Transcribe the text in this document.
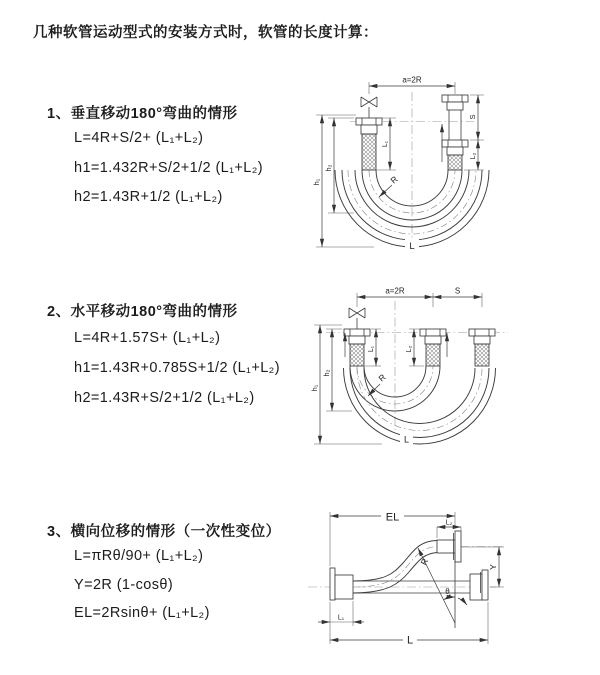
几种软管运动型式的安装方式时，软管的长度计算：
1、垂直移动180°弯曲的情形
L=4R+S/2+ (L₁+L₂)
h1=1.432R+S/2+1/2 (L₁+L₂)
h2=1.43R+1/2 (L₁+L₂)
2、水平移动180°弯曲的情形
L=4R+1.57S+ (L₁+L₂)
h1=1.43R+0.785S+1/2 (L₁+L₂)
h2=1.43R+S/2+1/2 (L₁+L₂)
3、横向位移的情形（一次性变位）
L=πRθ/90+ (L₁+L₂)
Y=2R (1-cosθ)
EL=2Rsinθ+ (L₁+L₂)
a=2R
L₁
S
L₂
h₂
h₁	R
L
a=2R	S
L₁	L₂
h₂
h₁
R
L
R
θ
EL	L₂
Y
L₁
L
